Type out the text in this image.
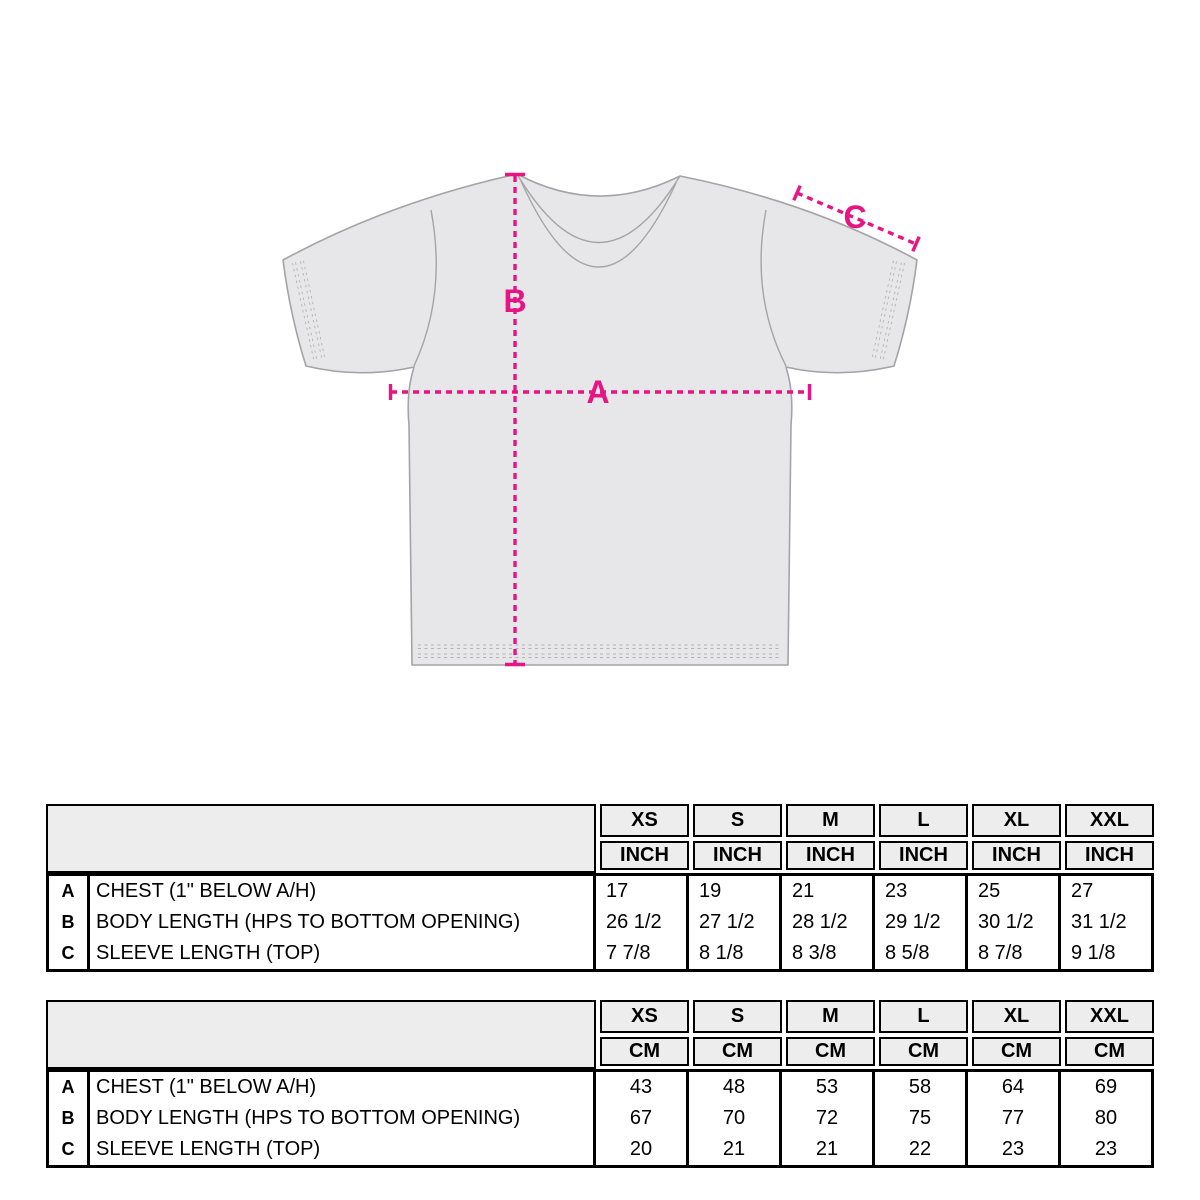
A
B
C
XS
INCH
S
INCH
M
INCH
L
INCH
XL
INCH
XXL
INCH
A
B
C
CHEST (1" BELOW A/H)
BODY LENGTH (HPS TO BOTTOM OPENING)
SLEEVE LENGTH (TOP)
17
26 1/2
7 7/8
19
27 1/2
8 1/8
21
28 1/2
8 3/8
23
29 1/2
8 5/8
25
30 1/2
8 7/8
27
31 1/2
9 1/8
XS
CM
S
CM
M
CM
L
CM
XL
CM
XXL
CM
A
B
C
CHEST (1" BELOW A/H)
BODY LENGTH (HPS TO BOTTOM OPENING)
SLEEVE LENGTH (TOP)
43
67
20
48
70
21
53
72
21
58
75
22
64
77
23
69
80
23
